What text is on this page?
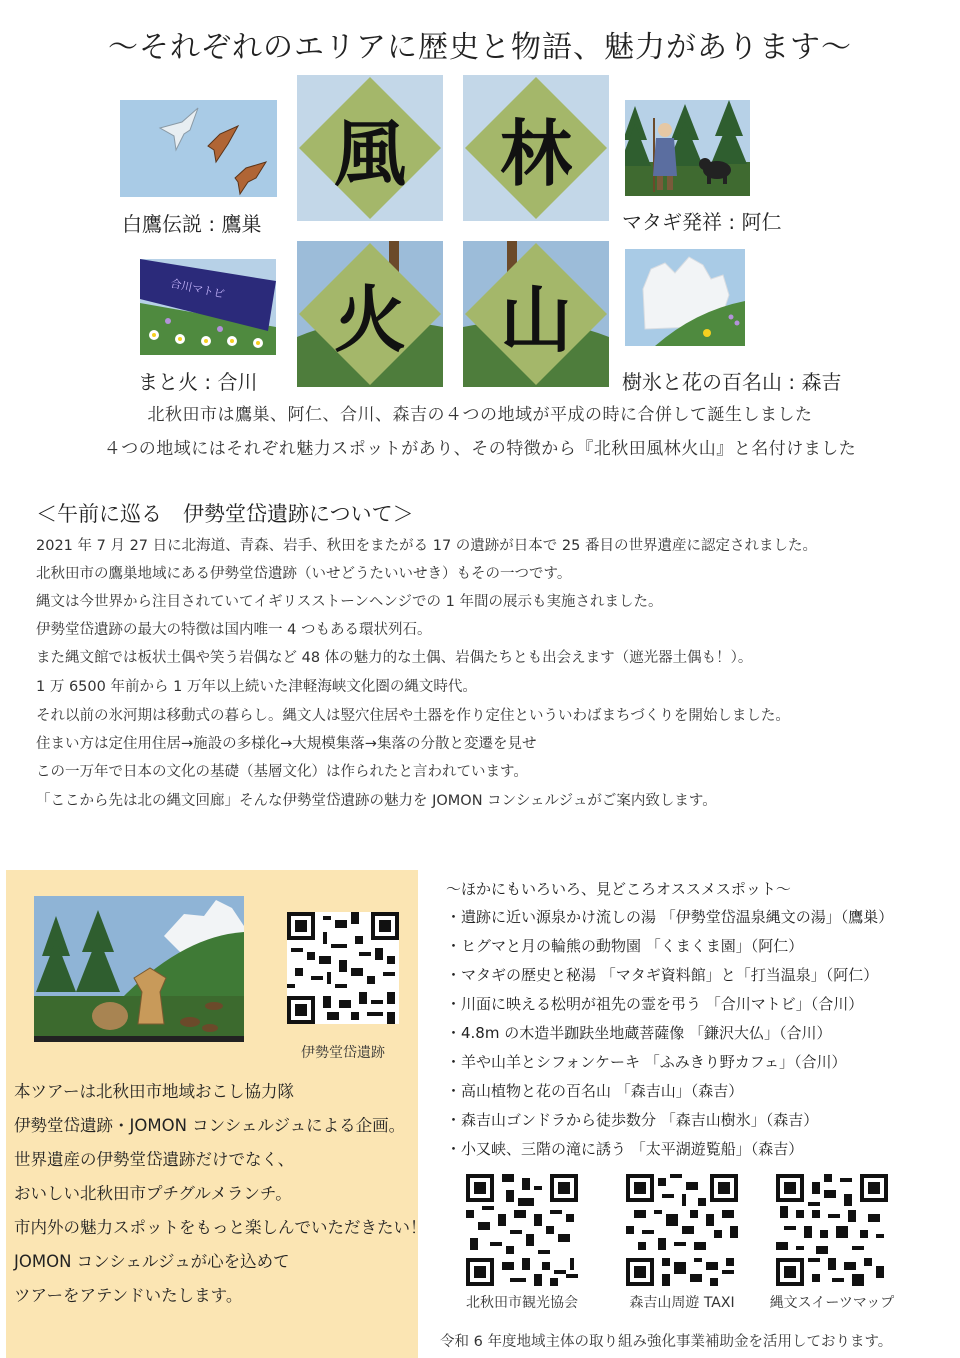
〜それぞれのエリアに歴史と物語、魅力があります〜
白鷹伝説 : 鷹巣
風	林
火	山
マタギ発祥 : 阿仁
合川マトビ
まと火 : 合川	樹氷と花の百名山 : 森吉
北秋田市は鷹巣、阿仁、合川、森吉の４つの地域が平成の時に合併して誕生しました
４つの地域にはそれぞれ魅力スポットがあり、その特徴から『北秋田風林火山』と名付けました
＜午前に巡る　伊勢堂岱遺跡について＞
2021 年 7 月 27 日に北海道、青森、岩手、秋田をまたがる 17 の遺跡が日本で 25 番目の世界遺産に認定されました。
北秋田市の鷹巣地域にある伊勢堂岱遺跡（いせどうたいいせき）もその一つです。
縄文は今世界から注目されていてイギリスストーンヘンジでの 1 年間の展示も実施されました。
伊勢堂岱遺跡の最大の特徴は国内唯一 4 つもある環状列石。
また縄文館では板状土偶や笑う岩偶など 48 体の魅力的な土偶、岩偶たちとも出会えます（遮光器土偶も！）。
1 万 6500 年前から 1 万年以上続いた津軽海峡文化圏の縄文時代。
それ以前の氷河期は移動式の暮らし。縄文人は竪穴住居や土器を作り定住といういわばまちづくりを開始しました。
住まい方は定住用住居→施設の多様化→大規模集落→集落の分散と変遷を見せ
この一万年で日本の文化の基礎（基層文化）は作られたと言われています。
「ここから先は北の縄文回廊」そんな伊勢堂岱遺跡の魅力を JOMON コンシェルジュがご案内致します。
伊勢堂岱遺跡
本ツアーは北秋田市地域おこし協力隊
伊勢堂岱遺跡・JOMON コンシェルジュによる企画。
世界遺産の伊勢堂岱遺跡だけでなく、
おいしい北秋田市プチグルメランチ。
市内外の魅力スポットをもっと楽しんでいただきたい！
JOMON コンシェルジュが心を込めて
ツアーをアテンドいたします。
〜ほかにもいろいろ、見どころオススメスポット〜
・遺跡に近い源泉かけ流しの湯 「伊勢堂岱温泉縄文の湯」（鷹巣）
・ヒグマと月の輪熊の動物園 「くまくま園」（阿仁）
・マタギの歴史と秘湯 「マタギ資料館」と「打当温泉」（阿仁）
・川面に映える松明が祖先の霊を弔う 「合川マトビ」（合川）
・4.8m の木造半跏趺坐地蔵菩薩像 「鎌沢大仏」（合川）
・羊や山羊とシフォンケーキ 「ふみきり野カフェ」（合川）
・高山植物と花の百名山 「森吉山」（森吉）
・森吉山ゴンドラから徒歩数分 「森吉山樹氷」（森吉）
・小又峡、三階の滝に誘う 「太平湖遊覧船」（森吉）
北秋田市観光協会	森吉山周遊 TAXI	縄文スイーツマップ
令和 6 年度地域主体の取り組み強化事業補助金を活用しております。
